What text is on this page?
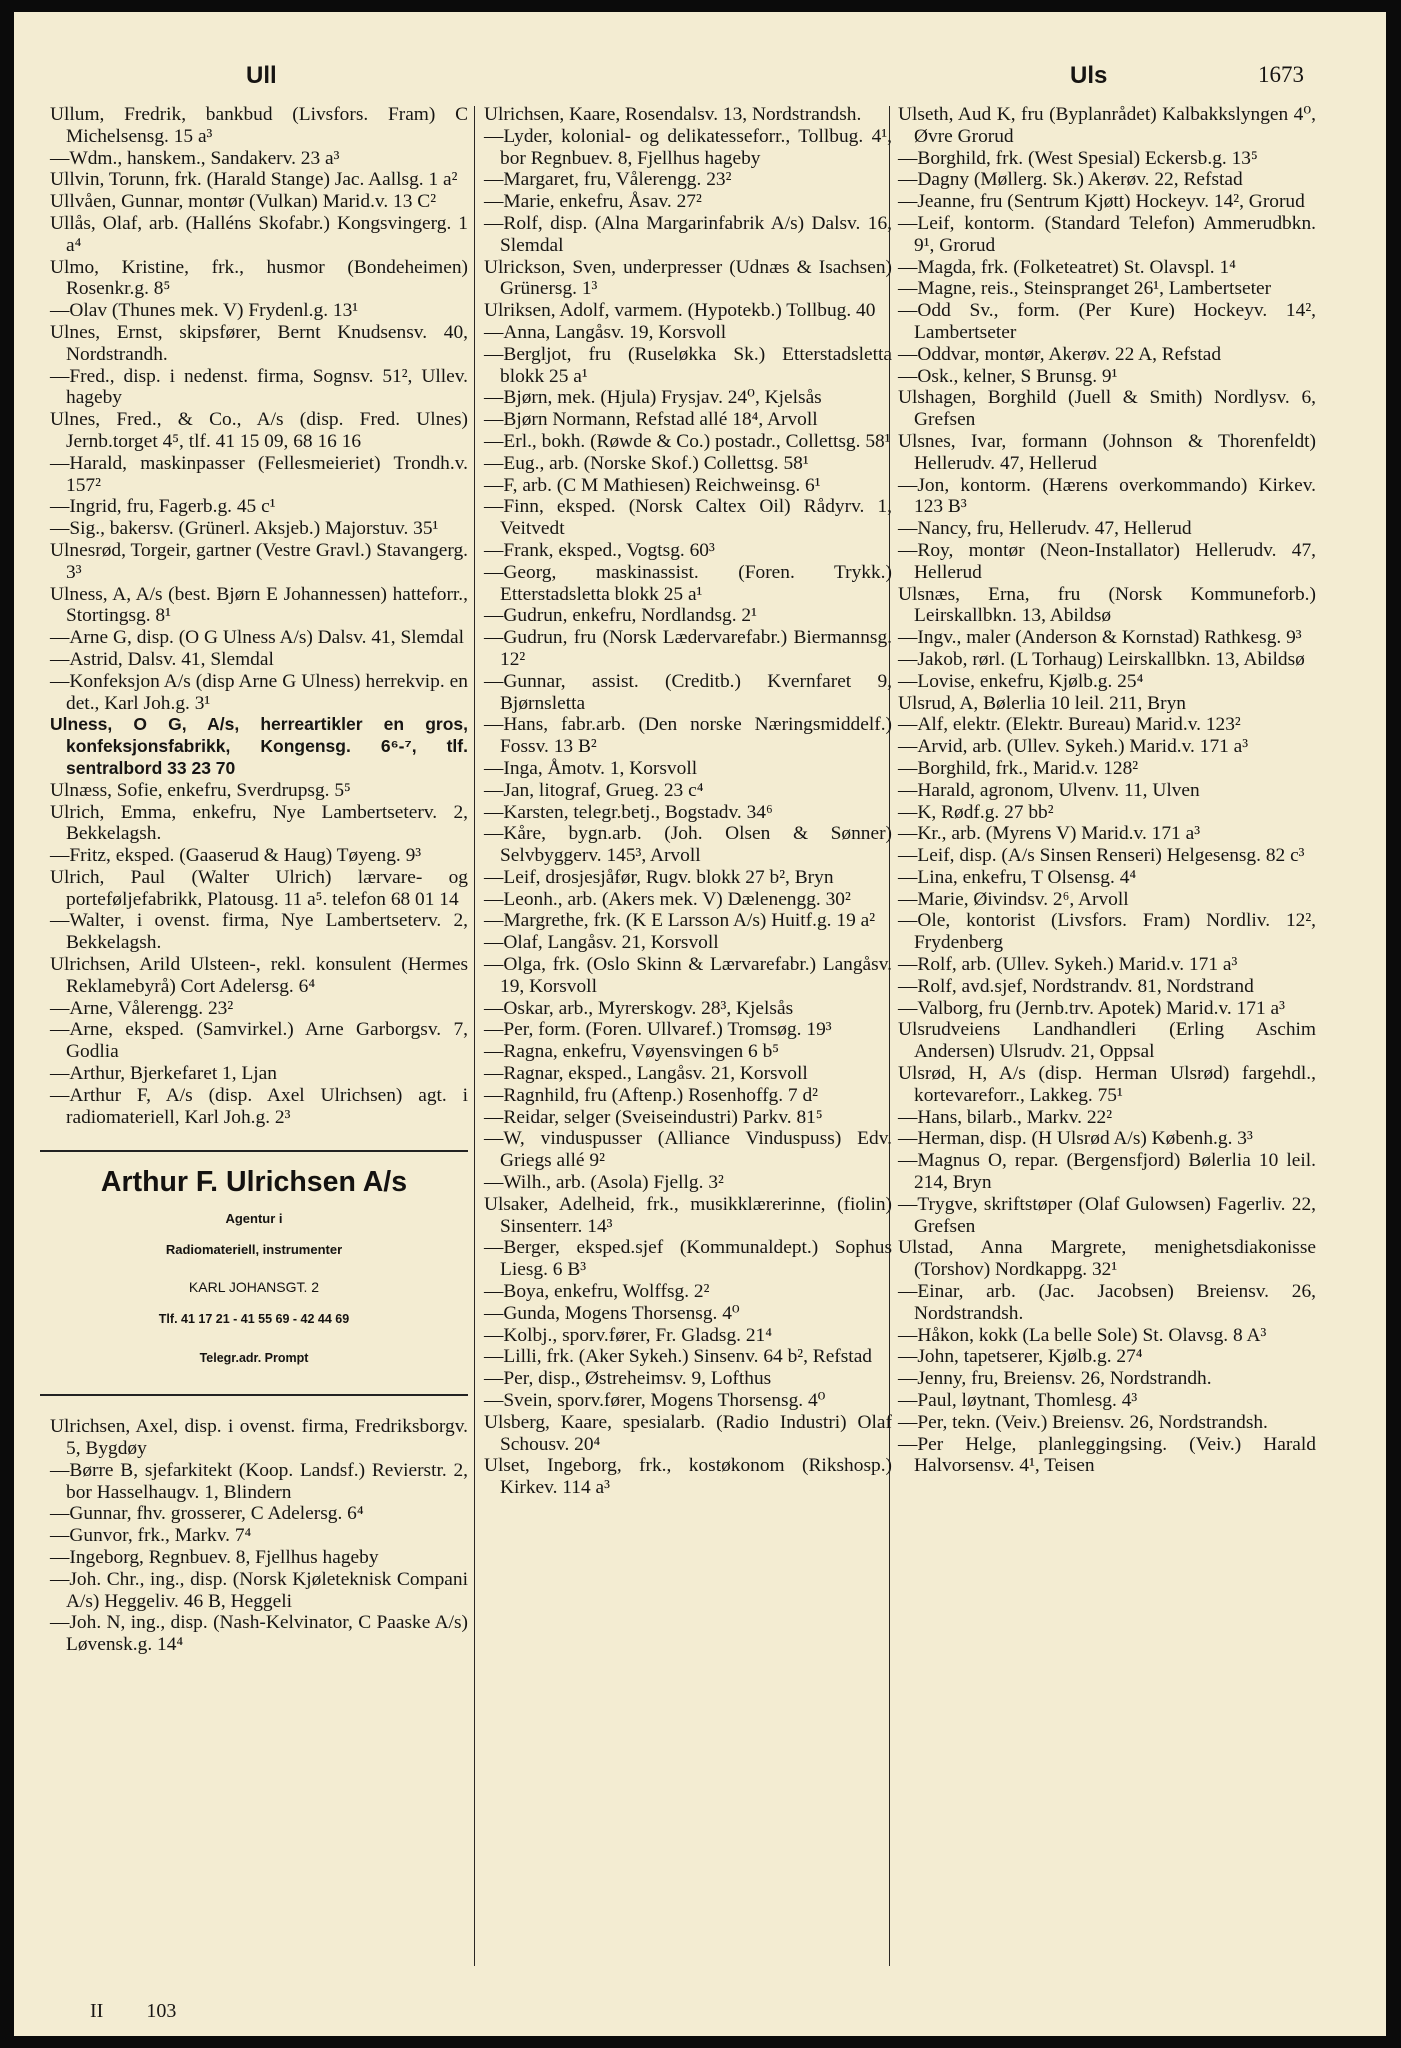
Ull	Uls	1673

Ullum, Fredrik, bankbud (Livsfors. Fram) C Michelsensg. 15 a³

—Wdm., hanskem., Sandakerv. 23 a³

Ullvin, Torunn, frk. (Harald Stange) Jac. Aallsg. 1 a²

Ullvåen, Gunnar, montør (Vulkan) Marid.v. 13 C²

Ullås, Olaf, arb. (Halléns Skofabr.) Kongsvingerg. 1 a⁴

Ulmo, Kristine, frk., husmor (Bondeheimen) Rosenkr.g. 8⁵

—Olav (Thunes mek. V) Frydenl.g. 13¹

Ulnes, Ernst, skipsfører, Bernt Knudsensv. 40, Nordstrandh.

—Fred., disp. i nedenst. firma, Sognsv. 51², Ullev. hageby

Ulnes, Fred., & Co., A/s (disp. Fred. Ulnes) Jernb.torget 4⁵, tlf. 41 15 09, 68 16 16

—Harald, maskinpasser (Fellesmeieriet) Trondh.v. 157²

—Ingrid, fru, Fagerb.g. 45 c¹

—Sig., bakersv. (Grünerl. Aksjeb.) Majorstuv. 35¹

Ulnesrød, Torgeir, gartner (Vestre Gravl.) Stavangerg. 3³

Ulness, A, A/s (best. Bjørn E Johannessen) hatteforr., Stortingsg. 8¹

—Arne G, disp. (O G Ulness A/s) Dalsv. 41, Slemdal

—Astrid, Dalsv. 41, Slemdal

—Konfeksjon A/s (disp Arne G Ulness) herrekvip. en det., Karl Joh.g. 3¹

Ulness, O G, A/s, herreartikler en gros, konfeksjonsfabrikk, Kongensg. 6⁶‑⁷, tlf. sentralbord 33 23 70

Ulnæss, Sofie, enkefru, Sverdrupsg. 5⁵

Ulrich, Emma, enkefru, Nye Lambertseterv. 2, Bekkelagsh.

—Fritz, eksped. (Gaaserud & Haug) Tøyeng. 9³

Ulrich, Paul (Walter Ulrich) lærvare- og porteføljefabrikk, Platousg. 11 a⁵. telefon 68 01 14

—Walter, i ovenst. firma, Nye Lambertseterv. 2, Bekkelagsh.

Ulrichsen, Arild Ulsteen-, rekl. konsulent (Hermes Reklamebyrå) Cort Adelersg. 6⁴

—Arne, Vålerengg. 23²

—Arne, eksped. (Samvirkel.) Arne Garborgsv. 7, Godlia

—Arthur, Bjerkefaret 1, Ljan

—Arthur F, A/s (disp. Axel Ulrichsen) agt. i radiomateriell, Karl Joh.g. 2³

Arthur F. Ulrichsen A/s
Agentur i
Radiomateriell, instrumenter
KARL JOHANSGT. 2
Tlf. 41 17 21 - 41 55 69 - 42 44 69
Telegr.adr. Prompt

Ulrichsen, Axel, disp. i ovenst. firma, Fredriksborgv. 5, Bygdøy

—Børre B, sjefarkitekt (Koop. Landsf.) Revierstr. 2, bor Hasselhaugv. 1, Blindern

—Gunnar, fhv. grosserer, C Adelersg. 6⁴

—Gunvor, frk., Markv. 7⁴

—Ingeborg, Regnbuev. 8, Fjellhus hageby

—Joh. Chr., ing., disp. (Norsk Kjøleteknisk Compani A/s) Heggeliv. 46 B, Heggeli

—Joh. N, ing., disp. (Nash-Kelvinator, C Paaske A/s) Løvensk.g. 14⁴

Ulrichsen, Kaare, Rosendalsv. 13, Nordstrandsh.

—Lyder, kolonial- og delikatesseforr., Tollbug. 4¹, bor Regnbuev. 8, Fjellhus hageby

—Margaret, fru, Vålerengg. 23²

—Marie, enkefru, Åsav. 27²

—Rolf, disp. (Alna Margarinfabrik A/s) Dalsv. 16, Slemdal

Ulrickson, Sven, underpresser (Udnæs & Isachsen) Grünersg. 1³

Ulriksen, Adolf, varmem. (Hypotekb.) Tollbug. 40

—Anna, Langåsv. 19, Korsvoll

—Bergljot, fru (Ruseløkka Sk.) Etterstadsletta blokk 25 a¹

—Bjørn, mek. (Hjula) Frysjav. 24⁰, Kjelsås

—Bjørn Normann, Refstad allé 18⁴, Arvoll

—Erl., bokh. (Røwde & Co.) postadr., Collettsg. 58¹

—Eug., arb. (Norske Skof.) Collettsg. 58¹

—F, arb. (C M Mathiesen) Reichweinsg. 6¹

—Finn, eksped. (Norsk Caltex Oil) Rådyrv. 1, Veitvedt

—Frank, eksped., Vogtsg. 60³

—Georg, maskinassist. (Foren. Trykk.) Etterstadsletta blokk 25 a¹

—Gudrun, enkefru, Nordlandsg. 2¹

—Gudrun, fru (Norsk Lædervarefabr.) Biermannsg. 12²

—Gunnar, assist. (Creditb.) Kvernfaret 9, Bjørnsletta

—Hans, fabr.arb. (Den norske Næringsmiddelf.) Fossv. 13 B²

—Inga, Åmotv. 1, Korsvoll

—Jan, litograf, Grueg. 23 c⁴

—Karsten, telegr.betj., Bogstadv. 34⁶

—Kåre, bygn.arb. (Joh. Olsen & Sønner) Selvbyggerv. 145³, Arvoll

—Leif, drosjesjåfør, Rugv. blokk 27 b², Bryn

—Leonh., arb. (Akers mek. V) Dælenengg. 30²

—Margrethe, frk. (K E Larsson A/s) Huitf.g. 19 a²

—Olaf, Langåsv. 21, Korsvoll

—Olga, frk. (Oslo Skinn & Lærvarefabr.) Langåsv. 19, Korsvoll

—Oskar, arb., Myrerskogv. 28³, Kjelsås

—Per, form. (Foren. Ullvaref.) Tromsøg. 19³

—Ragna, enkefru, Vøyensvingen 6 b⁵

—Ragnar, eksped., Langåsv. 21, Korsvoll

—Ragnhild, fru (Aftenp.) Rosenhoffg. 7 d²

—Reidar, selger (Sveiseindustri) Parkv. 81⁵

—W, vinduspusser (Alliance Vinduspuss) Edv. Griegs allé 9²

—Wilh., arb. (Asola) Fjellg. 3²

Ulsaker, Adelheid, frk., musikklærerinne, (fiolin) Sinsenterr. 14³

—Berger, eksped.sjef (Kommunaldept.) Sophus Liesg. 6 B³

—Boya, enkefru, Wolffsg. 2²

—Gunda, Mogens Thorsensg. 4⁰

—Kolbj., sporv.fører, Fr. Gladsg. 21⁴

—Lilli, frk. (Aker Sykeh.) Sinsenv. 64 b², Refstad

—Per, disp., Østreheimsv. 9, Lofthus

—Svein, sporv.fører, Mogens Thorsensg. 4⁰

Ulsberg, Kaare, spesialarb. (Radio Industri) Olaf Schousv. 20⁴

Ulset, Ingeborg, frk., kostøkonom (Rikshosp.) Kirkev. 114 a³

Ulseth, Aud K, fru (Byplanrådet) Kalbakkslyngen 4⁰, Øvre Grorud

—Borghild, frk. (West Spesial) Eckersb.g. 13⁵

—Dagny (Møllerg. Sk.) Akerøv. 22, Refstad

—Jeanne, fru (Sentrum Kjøtt) Hockeyv. 14², Grorud

—Leif, kontorm. (Standard Telefon) Ammerudbkn. 9¹, Grorud

—Magda, frk. (Folketeatret) St. Olavspl. 1⁴

—Magne, reis., Steinspranget 26¹, Lambertseter

—Odd Sv., form. (Per Kure) Hockeyv. 14², Lambertseter

—Oddvar, montør, Akerøv. 22 A, Refstad

—Osk., kelner, S Brunsg. 9¹

Ulshagen, Borghild (Juell & Smith) Nordlysv. 6, Grefsen

Ulsnes, Ivar, formann (Johnson & Thorenfeldt) Hellerudv. 47, Hellerud

—Jon, kontorm. (Hærens overkommando) Kirkev. 123 B³

—Nancy, fru, Hellerudv. 47, Hellerud

—Roy, montør (Neon-Installator) Hellerudv. 47, Hellerud

Ulsnæs, Erna, fru (Norsk Kommuneforb.) Leirskallbkn. 13, Abildsø

—Ingv., maler (Anderson & Kornstad) Rathkesg. 9³

—Jakob, rørl. (L Torhaug) Leirskallbkn. 13, Abildsø

—Lovise, enkefru, Kjølb.g. 25⁴

Ulsrud, A, Bølerlia 10 leil. 211, Bryn

—Alf, elektr. (Elektr. Bureau) Marid.v. 123²

—Arvid, arb. (Ullev. Sykeh.) Marid.v. 171 a³

—Borghild, frk., Marid.v. 128²

—Harald, agronom, Ulvenv. 11, Ulven

—K, Rødf.g. 27 bb²

—Kr., arb. (Myrens V) Marid.v. 171 a³

—Leif, disp. (A/s Sinsen Renseri) Helgesensg. 82 c³

—Lina, enkefru, T Olsensg. 4⁴

—Marie, Øivindsv. 2⁶, Arvoll

—Ole, kontorist (Livsfors. Fram) Nordliv. 12², Frydenberg

—Rolf, arb. (Ullev. Sykeh.) Marid.v. 171 a³

—Rolf, avd.sjef, Nordstrandv. 81, Nordstrand

—Valborg, fru (Jernb.trv. Apotek) Marid.v. 171 a³

Ulsrudveiens Landhandleri (Erling Aschim Andersen) Ulsrudv. 21, Oppsal

Ulsrød, H, A/s (disp. Herman Ulsrød) fargehdl., kortevareforr., Lakkeg. 75¹

—Hans, bilarb., Markv. 22²

—Herman, disp. (H Ulsrød A/s) Københ.g. 3³

—Magnus O, repar. (Bergensfjord) Bølerlia 10 leil. 214, Bryn

—Trygve, skriftstøper (Olaf Gulowsen) Fagerliv. 22, Grefsen

Ulstad, Anna Margrete, menighetsdiakonisse (Torshov) Nordkappg. 32¹

—Einar, arb. (Jac. Jacobsen) Breiensv. 26, Nordstrandsh.

—Håkon, kokk (La belle Sole) St. Olavsg. 8 A³

—John, tapetserer, Kjølb.g. 27⁴

—Jenny, fru, Breiensv. 26, Nordstrandh.

—Paul, løytnant, Thomlesg. 4³

—Per, tekn. (Veiv.) Breiensv. 26, Nordstrandsh.

—Per Helge, planleggingsing. (Veiv.) Harald Halvorsensv. 4¹, Teisen

II 103
